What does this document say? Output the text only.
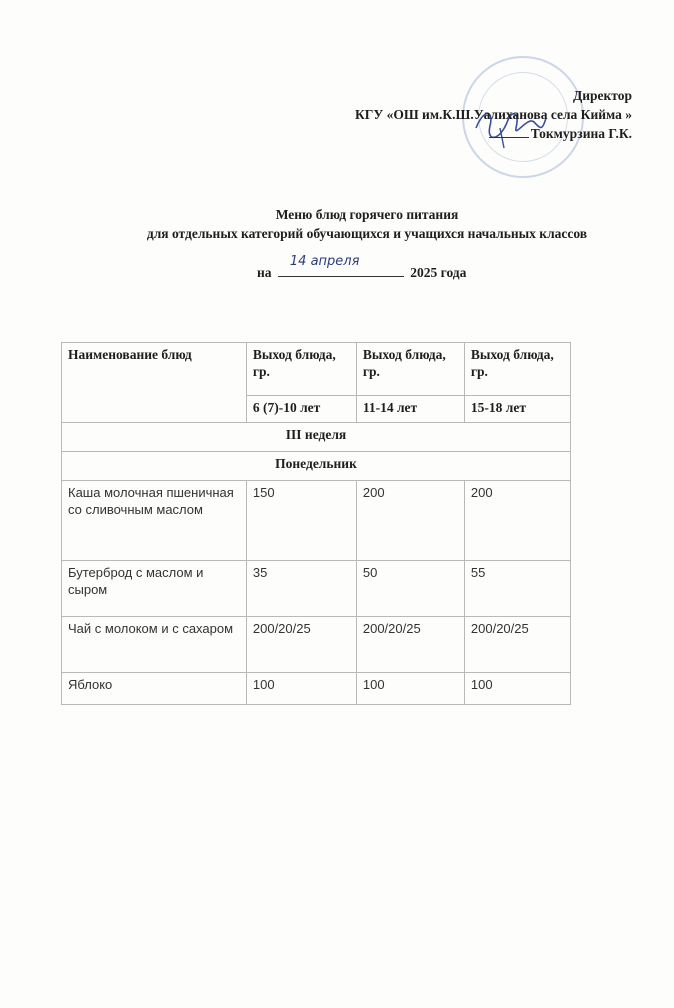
Директор
КГУ «ОШ им.К.Ш.Уалиханова села Кийма »
Токмурзина Г.К.
Меню блюд горячего питания
для отдельных категорий обучающихся и учащихся начальных классов
на
14 апреля
2025 года
Наименование блюд	Выход блюда, гр.	Выход блюда, гр.	Выход блюда, гр.
	6 (7)-10 лет	11-14 лет	15-18 лет
III неделя			
Понедельник			
Каша молочная пшеничная со сливочным маслом	150	200	200
Бутерброд с маслом и сыром	35	50	55
Чай с молоком и с сахаром	200/20/25	200/20/25	200/20/25
Яблоко	100	100	100
